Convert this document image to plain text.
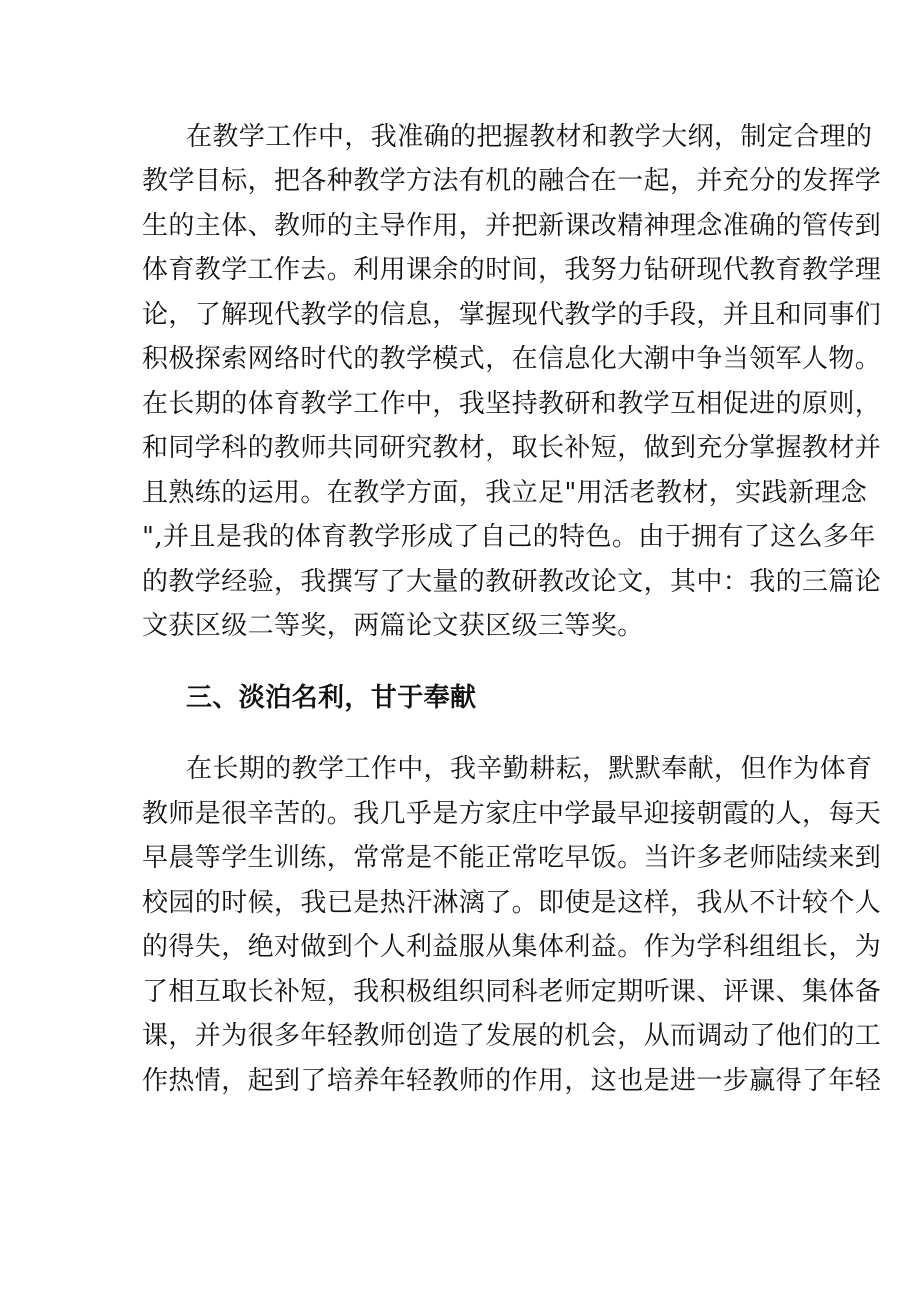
在教学工作中，我准确的把握教材和教学大纲，制定合理的
教学目标，把各种教学方法有机的融合在一起，并充分的发挥学
生的主体、教师的主导作用，并把新课改精神理念准确的管传到
体育教学工作去。利用课余的时间，我努力钻研现代教育教学理
论，了解现代教学的信息，掌握现代教学的手段，并且和同事们
积极探索网络时代的教学模式，在信息化大潮中争当领军人物。
在长期的体育教学工作中，我坚持教研和教学互相促进的原则，
和同学科的教师共同研究教材，取长补短，做到充分掌握教材并
且熟练的运用。在教学方面，我立足"用活老教材，实践新理念
",并且是我的体育教学形成了自己的特色。由于拥有了这么多年
的教学经验，我撰写了大量的教研教改论文，其中：我的三篇论
文获区级二等奖，两篇论文获区级三等奖。
三、淡泊名利，甘于奉献
在长期的教学工作中，我辛勤耕耘，默默奉献，但作为体育
教师是很辛苦的。我几乎是方家庄中学最早迎接朝霞的人，每天
早晨等学生训练，常常是不能正常吃早饭。当许多老师陆续来到
校园的时候，我已是热汗淋漓了。即使是这样，我从不计较个人
的得失，绝对做到个人利益服从集体利益。作为学科组组长，为
了相互取长补短，我积极组织同科老师定期听课、评课、集体备
课，并为很多年轻教师创造了发展的机会，从而调动了他们的工
作热情，起到了培养年轻教师的作用，这也是进一步赢得了年轻
